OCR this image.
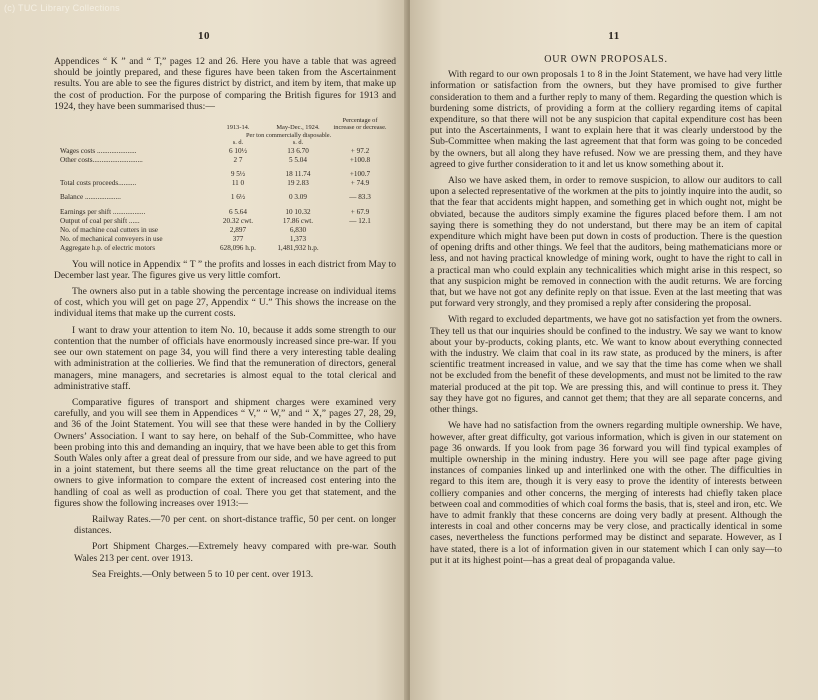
10

Appendices “ K ” and “ T,” pages 12 and 26. Here you have a table that was agreed should be jointly prepared, and these figures have been taken from the Ascertainment results. You are able to see the figures district by district, and item by item, that make up the cost of production. For the purpose of comparing the British figures for 1913 and 1924, they have been summarised thus:—

			Percentage of
	1913-14.	May-Dec., 1924.	increase or decrease.
	Per ton commercially disposable.		
	s. d.	s. d.	
Wages costs ......................	6 10½	13 6.70	+ 97.2
Other costs............................	2 7	5 5.04	+100.8

	9 5½	18 11.74	+100.7
Total costs proceeds..........	11 0	19 2.83	+ 74.9

Balance ....................	1 6½	0 3.09	— 83.3

Earnings per shift ..................	6 5.64	10 10.32	+ 67.9
Output of coal per shift ......	20.32 cwt.	17.86 cwt.	— 12.1
No. of machine coal cutters in use	2,897	6,830	
No. of mechanical conveyers in use	377	1,373	
Aggregate h.p. of electric motors	628,096 h.p.	1,481,932 h.p.	

You will notice in Appendix “ T ” the profits and losses in each district from May to December last year. The figures give us very little comfort.

The owners also put in a table showing the percentage increase on individual items of cost, which you will get on page 27, Appendix “ U.” This shows the increase on the individual items that make up the current costs.

I want to draw your attention to item No. 10, because it adds some strength to our contention that the number of officials have enormously increased since pre-war. If you see our own statement on page 34, you will find there a very interesting table dealing with administration at the collieries. We find that the remuneration of directors, general managers, mine managers, and secretaries is almost equal to the total clerical and administrative staff.

Comparative figures of transport and shipment charges were examined very carefully, and you will see them in Appendices “ V,” “ W,” and “ X,” pages 27, 28, 29, and 36 of the Joint Statement. You will see that these were handed in by the Colliery Owners’ Association. I want to say here, on behalf of the Sub-Committee, who have been probing into this and demanding an inquiry, that we have been able to get this from South Wales only after a great deal of pressure from our side, and we have agreed to put in a joint statement, but there seems all the time great reluctance on the part of the owners to give information to compare the extent of increased cost entering into the handling of coal as well as production of coal. There you get that statement, and the figures show the following increases over 1913:—

Railway Rates.—70 per cent. on short-distance traffic, 50 per cent. on longer distances.

Port Shipment Charges.—Extremely heavy compared with pre-war. South Wales 213 per cent. over 1913.

Sea Freights.—Only between 5 to 10 per cent. over 1913.

11

OUR OWN PROPOSALS.

With regard to our own proposals 1 to 8 in the Joint Statement, we have had very little information or satisfaction from the owners, but they have promised to give further consideration to them and a further reply to many of them. Regarding the question which is burdening some districts, of providing a form at the colliery regarding items of capital expenditure, so that there will not be any suspicion that capital expenditure cost has been put into the Ascertainments, I want to explain here that it was clearly understood by the Sub-Committee when making the last agreement that that form was going to be conceded by the owners, but all along they have refused. Now we are pressing them, and they have agreed to give further consideration to it and let us know something about it.

Also we have asked them, in order to remove suspicion, to allow our auditors to call upon a selected representative of the workmen at the pits to jointly inquire into the audit, so that the fear that accidents might happen, and something get in which ought not, might be obviated, because the auditors simply examine the figures placed before them. I am not saying there is something they do not understand, but there may be an item of capital expenditure which might have been put down in costs of production. There is the question of opening drifts and other things. We feel that the auditors, being mathematicians more or less, and not having practical knowledge of mining work, ought to have the right to call in a practical man who could explain any technicalities which might arise in this respect, so that any suspicion might be removed in connection with the audit returns. We are forcing that, but we have not got any definite reply on that issue. Even at the last meeting that was put forward very strongly, and they promised a reply after considering the proposal.

With regard to excluded departments, we have got no satisfaction yet from the owners. They tell us that our inquiries should be confined to the industry. We say we want to know about your by-products, coking plants, etc. We want to know about everything connected with the industry. We claim that coal in its raw state, as produced by the miners, is after scientific treatment increased in value, and we say that the time has come when we shall not be excluded from the benefit of these developments, and must not be limited to the raw material produced at the pit top. We are pressing this, and will continue to press it. They say they have got no figures, and cannot get them; that they are all separate concerns, and other things.

We have had no satisfaction from the owners regarding multiple ownership. We have, however, after great difficulty, got various information, which is given in our statement on page 36 onwards. If you look from page 36 forward you will find typical examples of multiple ownership in the mining industry. Here you will see page after page giving instances of companies linked up and interlinked one with the other. The difficulties in regard to this item are, though it is very easy to prove the identity of interests between colliery companies and other concerns, the merging of interests had chiefly taken place between coal and commodities of which coal forms the basis, that is, steel and iron, etc. We have to admit frankly that these concerns are doing very badly at present. Although the interests in coal and other concerns may be very close, and practically identical in some cases, nevertheless the functions performed may be distinct and separate. However, as I have stated, there is a lot of information given in our statement which I can only say—to put it at its highest point—has a great deal of propaganda value.

(c) TUC Library Collections
